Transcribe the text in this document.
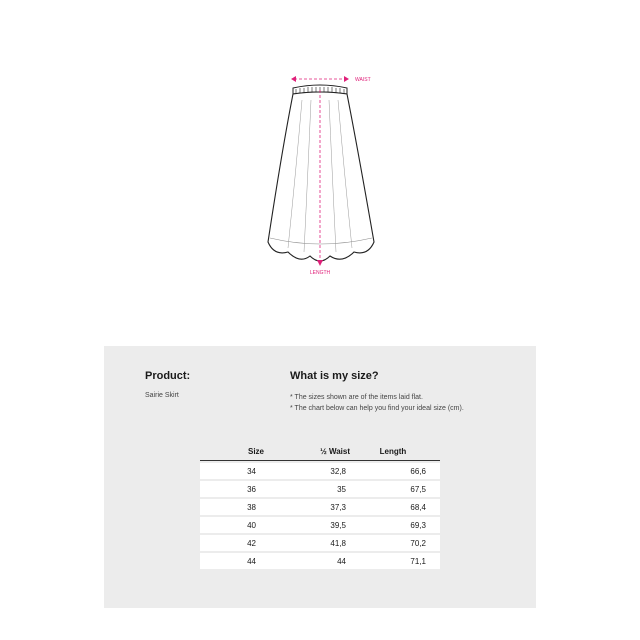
WAIST
LENGTH
Product:
Sairie Skirt
What is my size?
* The sizes shown are of the items laid flat.
* The chart below can help you find your ideal size (cm).
Size	½ Waist	Length
34	32,8	66,6
36	35	67,5
38	37,3	68,4
40	39,5	69,3
42	41,8	70,2
44	44	71,1
